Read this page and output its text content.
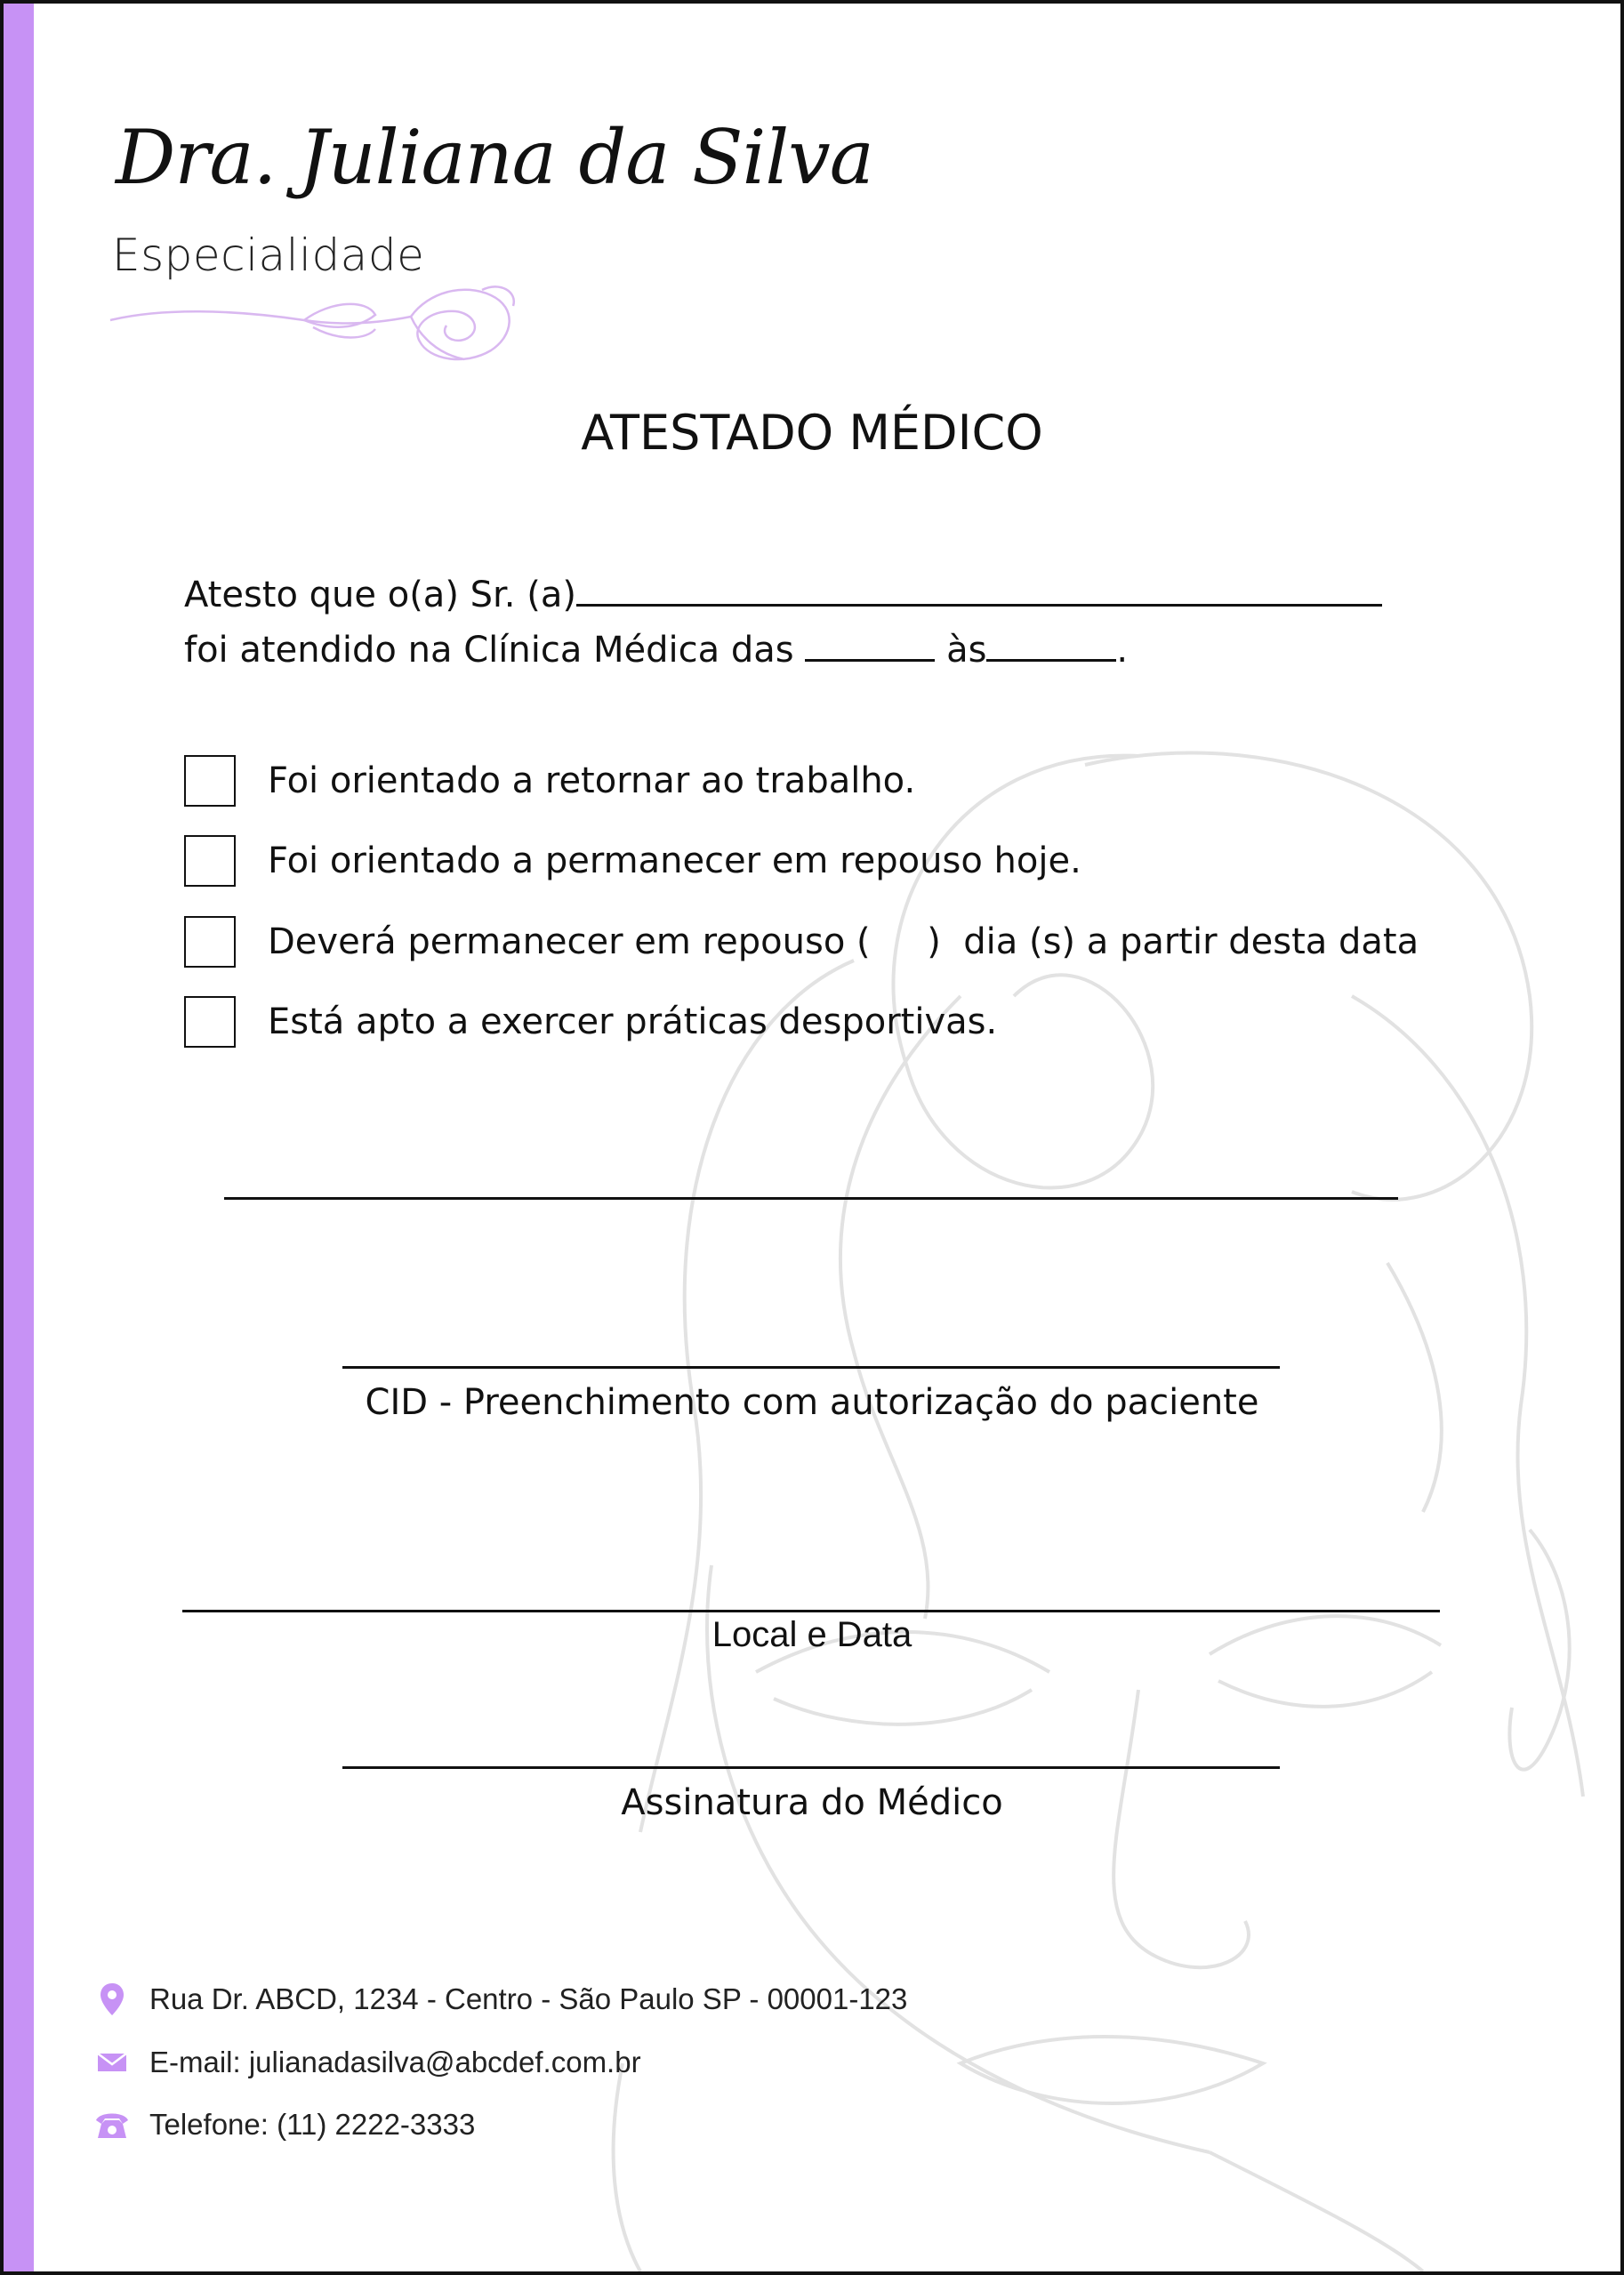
Dra. Juliana da Silva
Especialidade
ATESTADO MÉDICO
Atesto que o(a) Sr. (a)
foi atendido na Clínica Médica das	às	.
Foi orientado a retornar ao trabalho.
Foi orientado a permanecer em repouso hoje.
Deverá permanecer em repouso (     )  dia (s) a partir desta data
Está apto a exercer práticas desportivas.
CID - Preenchimento com autorização do paciente
Local e Data
Assinatura do Médico
Rua Dr. ABCD, 1234 - Centro - São Paulo SP - 00001-123
E-mail: julianadasilva@abcdef.com.br
Telefone: (11) 2222-3333
